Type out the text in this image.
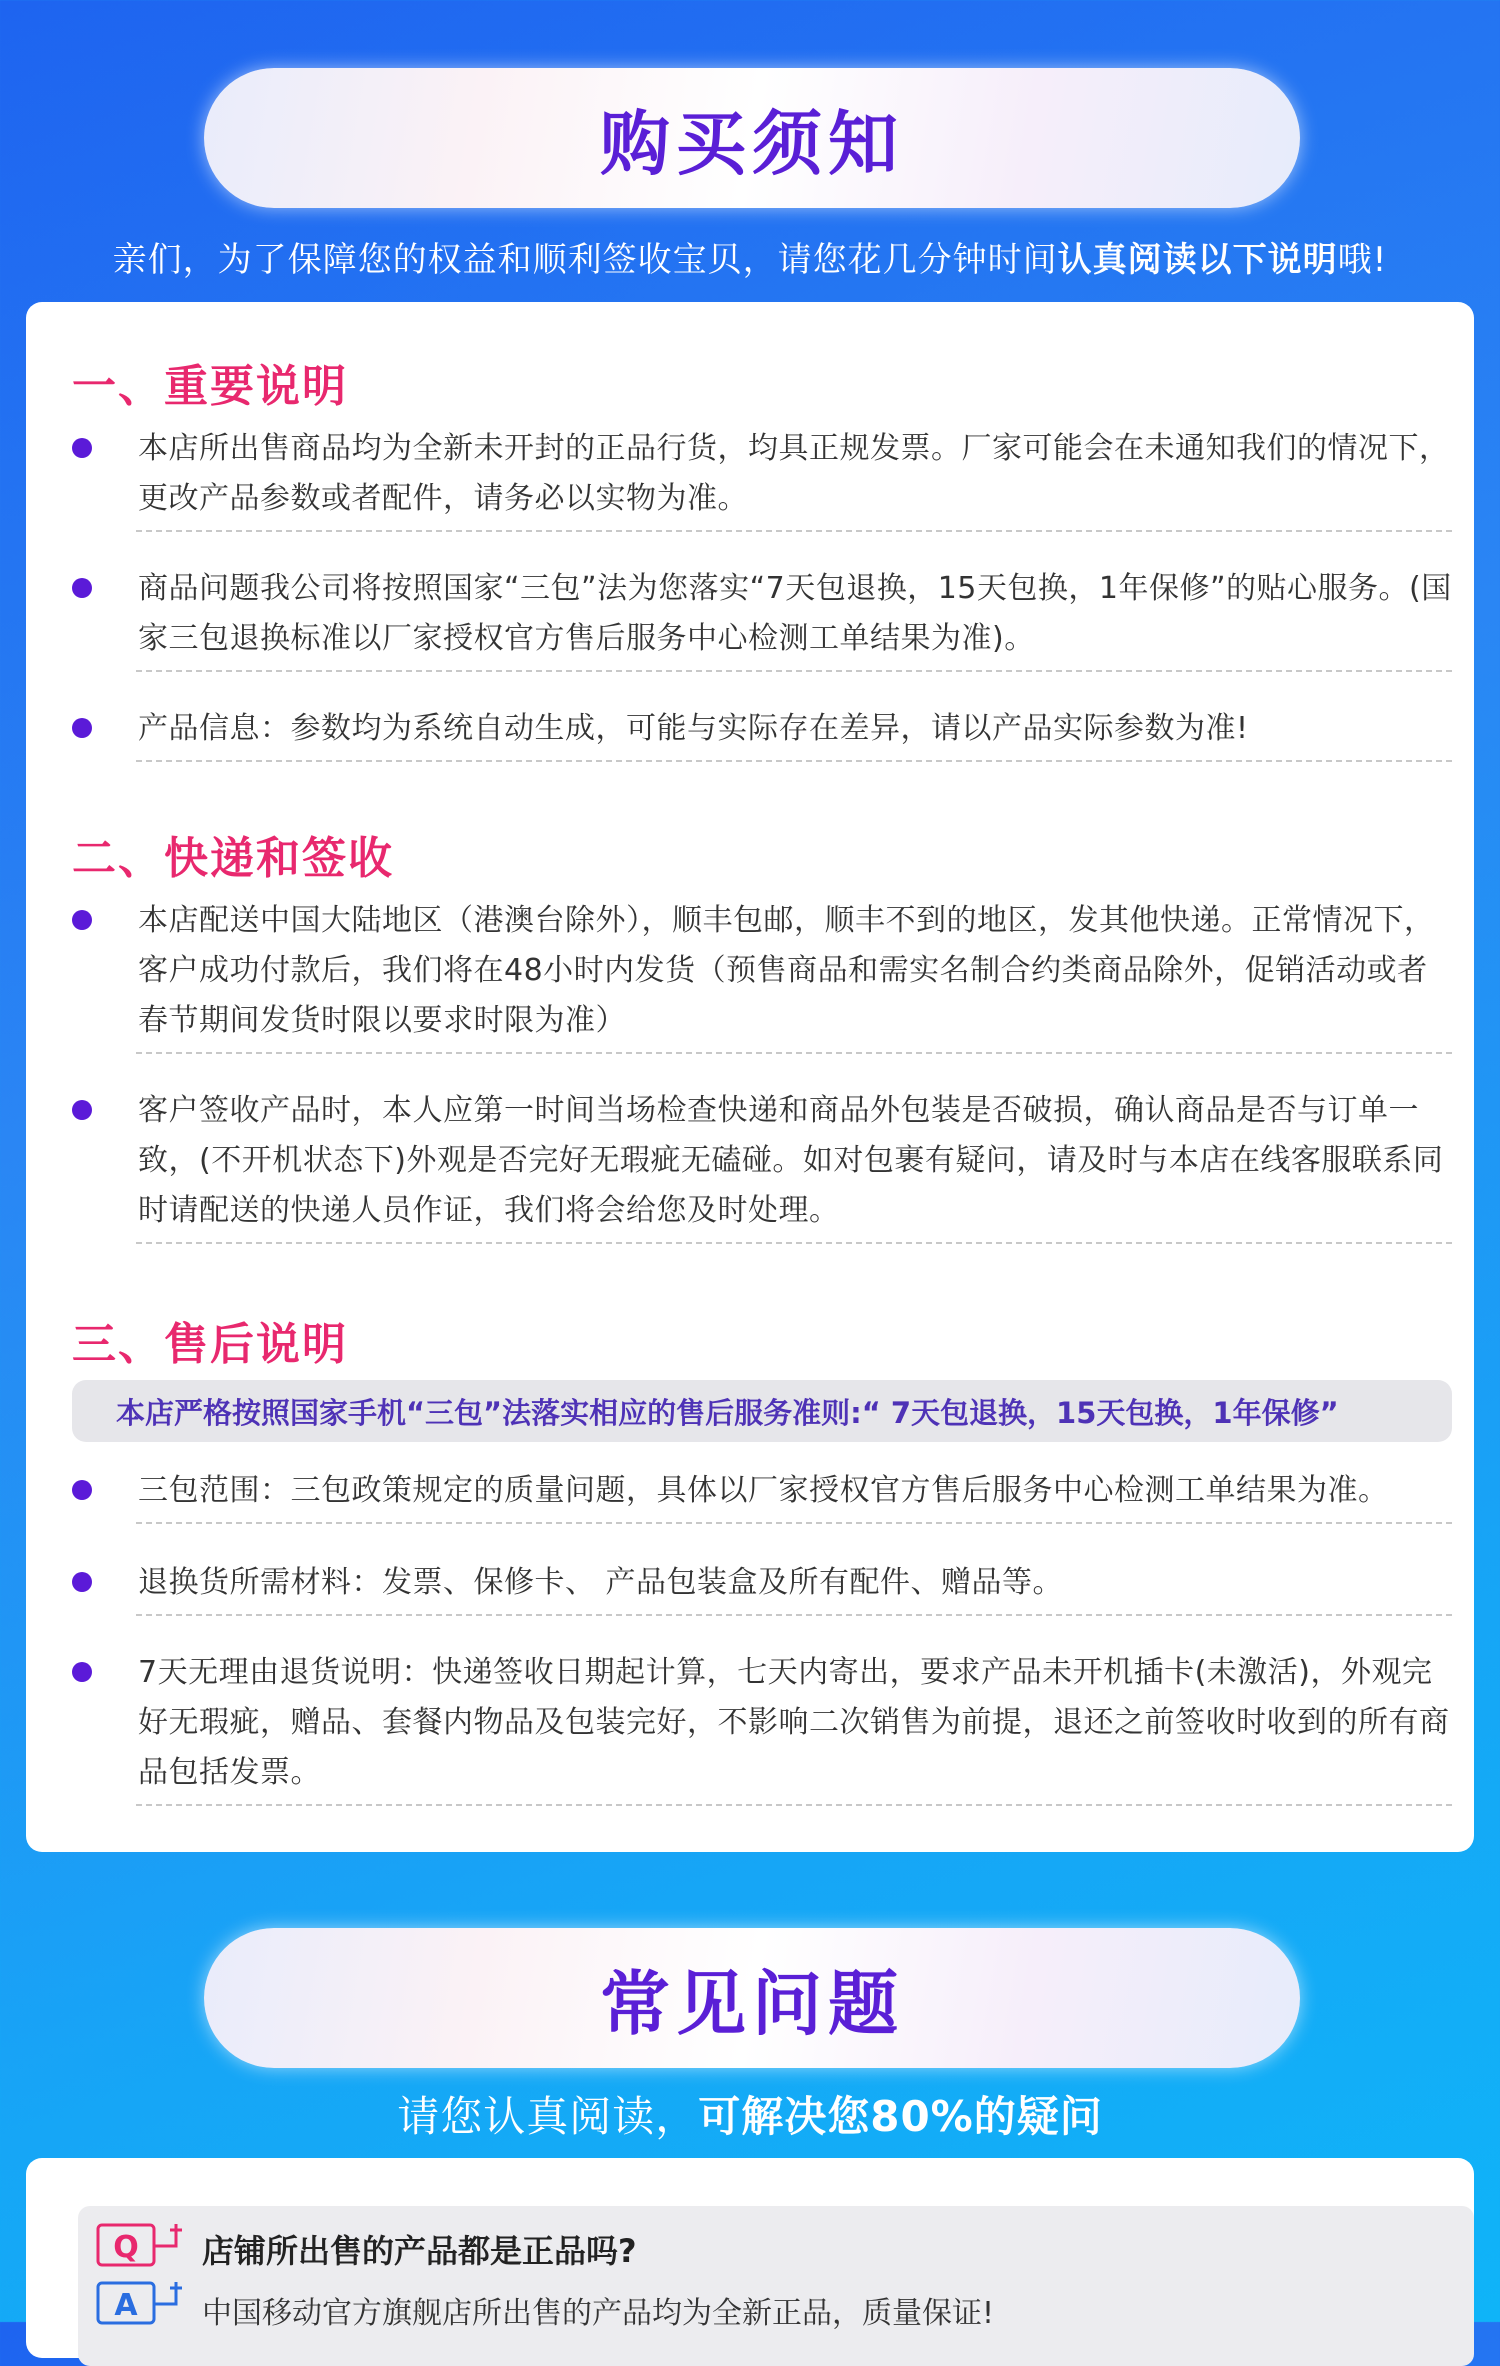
购买须知
亲们，为了保障您的权益和顺利签收宝贝，请您花几分钟时间认真阅读以下说明哦!
一、重要说明
本店所出售商品均为全新未开封的正品行货，均具正规发票。厂家可能会在未通知我们的情况下，更改产品参数或者配件，请务必以实物为准。
商品问题我公司将按照国家“三包”法为您落实“7天包退换，15天包换，1年保修”的贴心服务。(国家三包退换标准以厂家授权官方售后服务中心检测工单结果为准)。
产品信息：参数均为系统自动生成，可能与实际存在差异，请以产品实际参数为准!
二、快递和签收
本店配送中国大陆地区（港澳台除外），顺丰包邮，顺丰不到的地区，发其他快递。正常情况下，客户成功付款后，我们将在48小时内发货（预售商品和需实名制合约类商品除外，促销活动或者春节期间发货时限以要求时限为准）
客户签收产品时，本人应第一时间当场检查快递和商品外包装是否破损，确认商品是否与订单一致，(不开机状态下)外观是否完好无瑕疵无磕碰。如对包裹有疑问，请及时与本店在线客服联系同时请配送的快递人员作证，我们将会给您及时处理。
三、售后说明
本店严格按照国家手机“三包”法落实相应的售后服务准则:“ 7天包退换，15天包换，1年保修”
三包范围：三包政策规定的质量问题，具体以厂家授权官方售后服务中心检测工单结果为准。
退换货所需材料：发票、保修卡、 产品包装盒及所有配件、赠品等。
7天无理由退货说明：快递签收日期起计算，七天内寄出，要求产品未开机插卡(未激活)，外观完好无瑕疵，赠品、套餐内物品及包装完好，不影响二次销售为前提，退还之前签收时收到的所有商品包括发票。
常见问题
请您认真阅读，可解决您80%的疑问
Q 店铺所出售的产品都是正品吗?
A 中国移动官方旗舰店所出售的产品均为全新正品，质量保证!
